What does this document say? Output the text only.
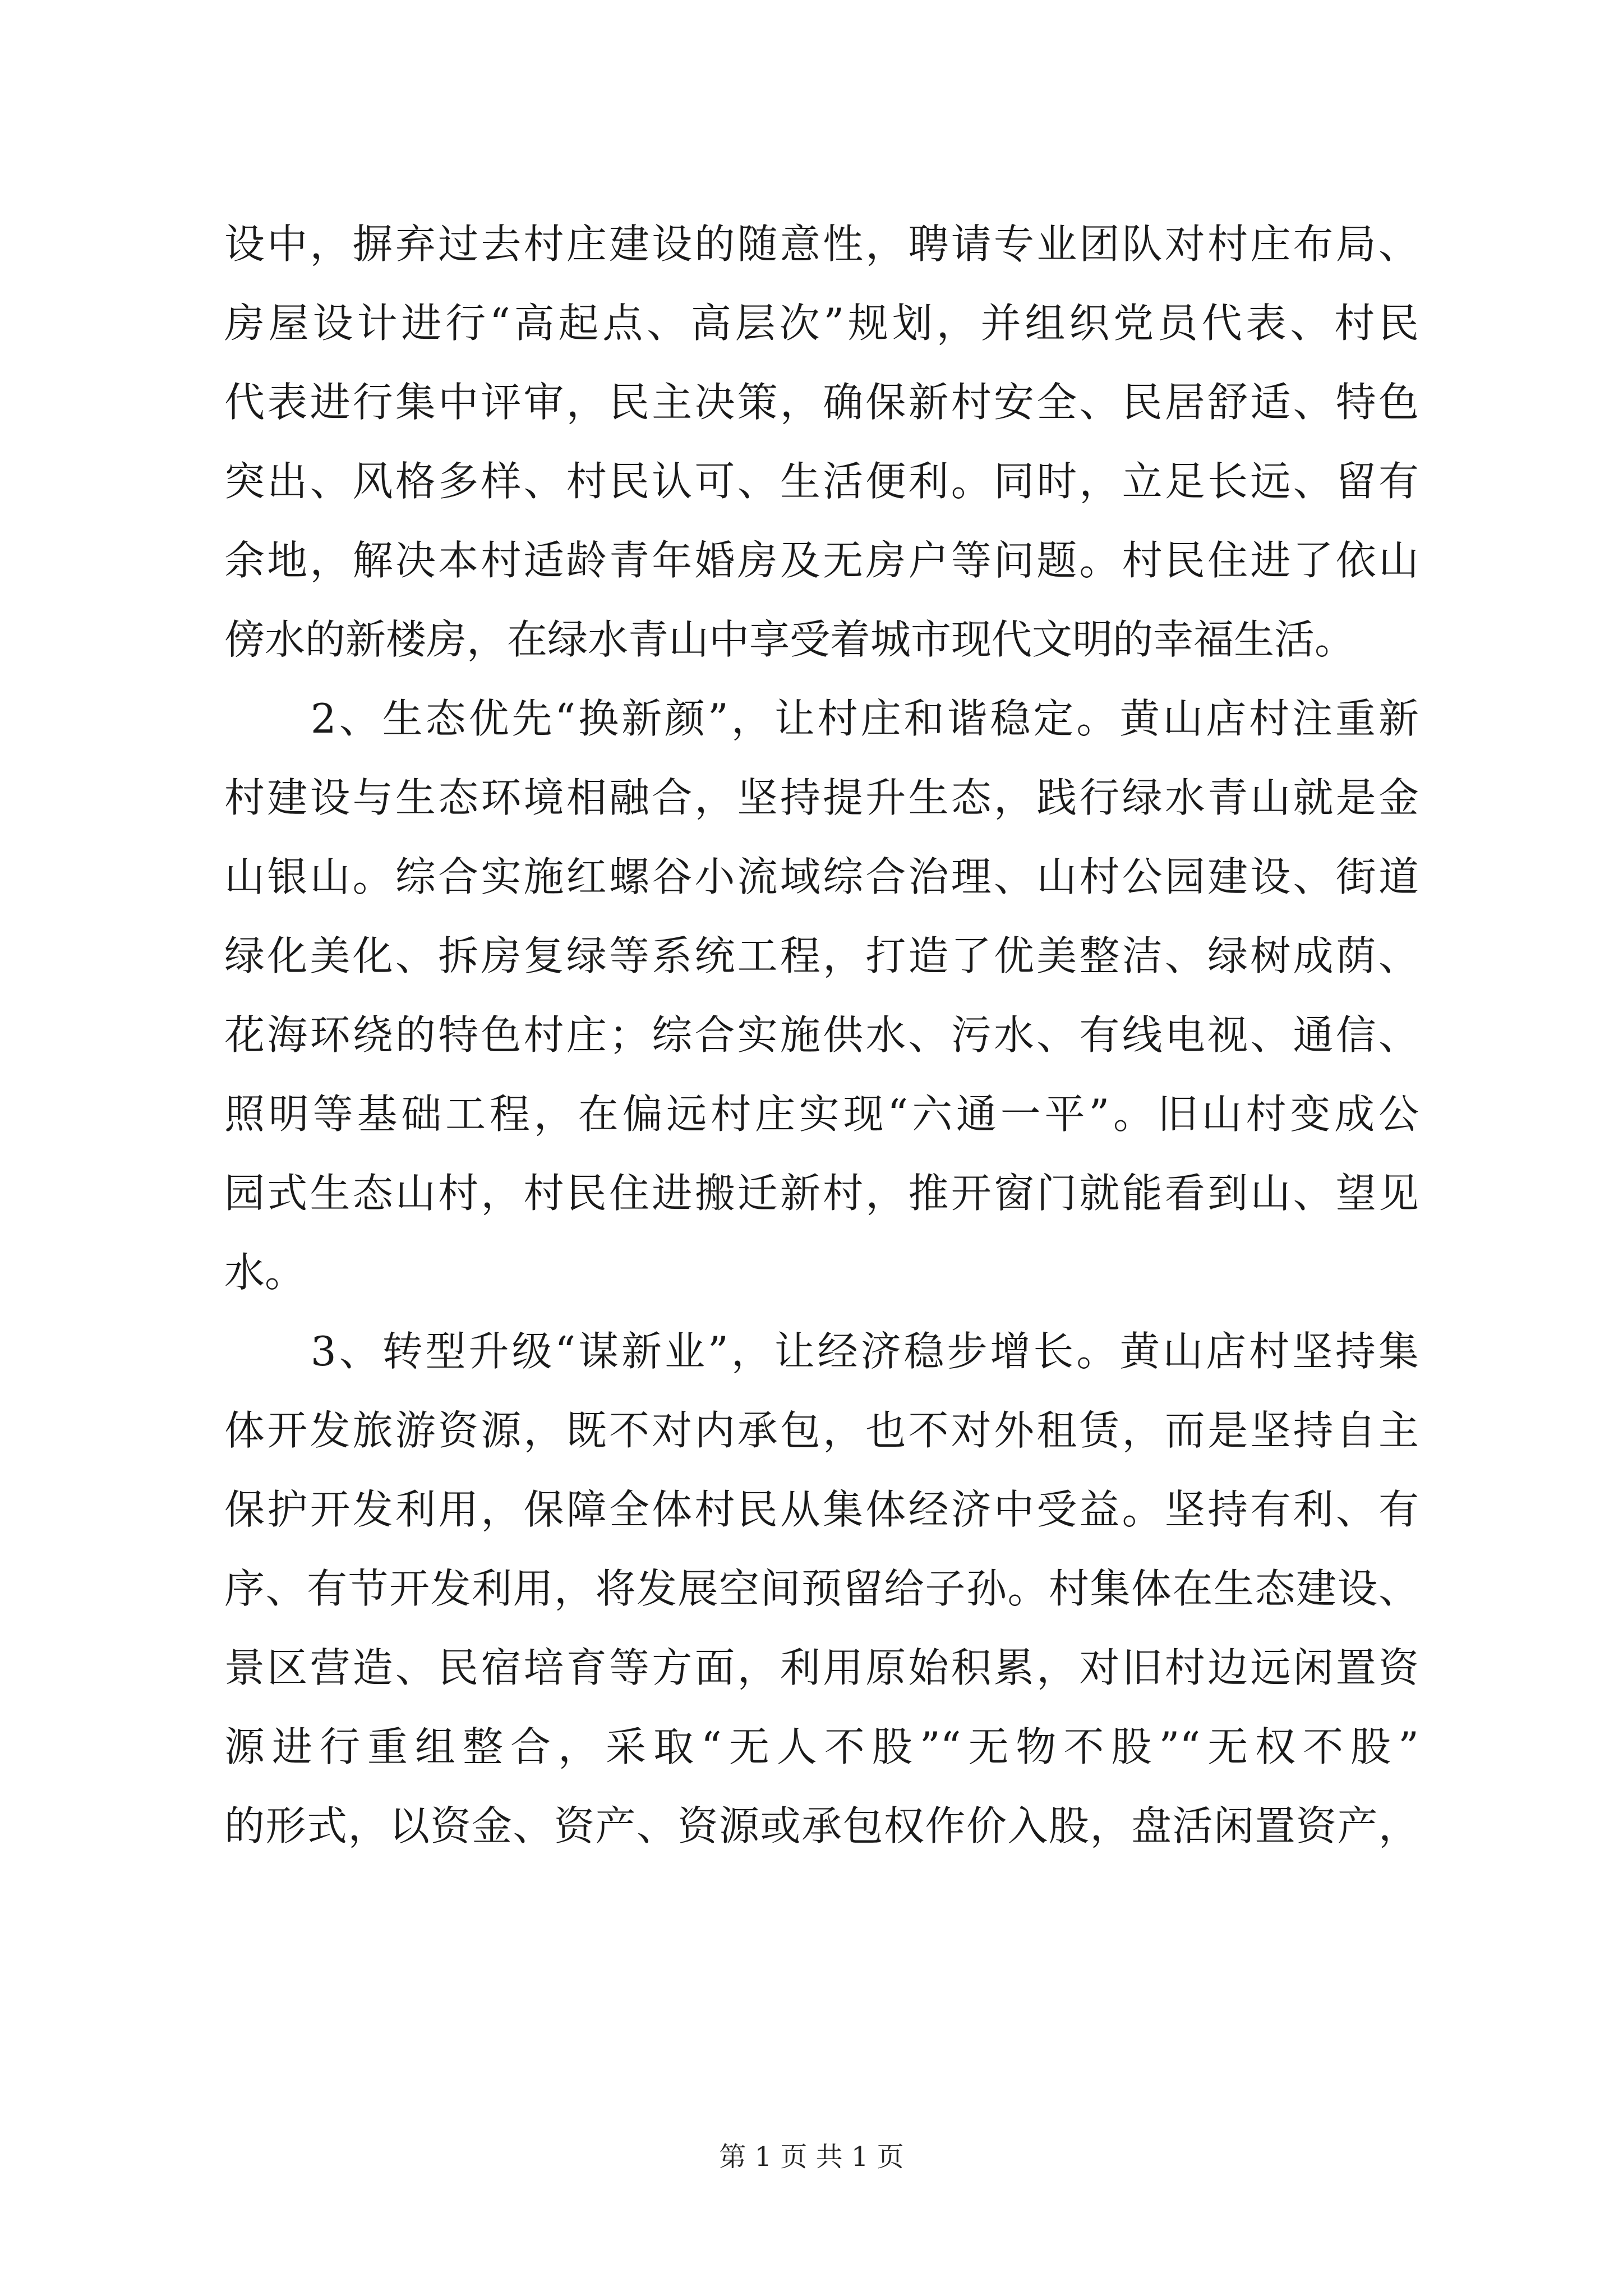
设中，摒弃过去村庄建设的随意性，聘请专业团队对村庄布局、
房屋设计进行“高起点、高层次”规划，并组织党员代表、村民
代表进行集中评审，民主决策，确保新村安全、民居舒适、特色
突出、风格多样、村民认可、生活便利。同时，立足长远、留有
余地，解决本村适龄青年婚房及无房户等问题。村民住进了依山
傍水的新楼房，在绿水青山中享受着城市现代文明的幸福生活。
　　2、生态优先“换新颜”，让村庄和谐稳定。黄山店村注重新
村建设与生态环境相融合，坚持提升生态，践行绿水青山就是金
山银山。综合实施红螺谷小流域综合治理、山村公园建设、街道
绿化美化、拆房复绿等系统工程，打造了优美整洁、绿树成荫、
花海环绕的特色村庄；综合实施供水、污水、有线电视、通信、
照明等基础工程，在偏远村庄实现“六通一平”。旧山村变成公
园式生态山村，村民住进搬迁新村，推开窗门就能看到山、望见
水。
　　3、转型升级“谋新业”，让经济稳步增长。黄山店村坚持集
体开发旅游资源，既不对内承包，也不对外租赁，而是坚持自主
保护开发利用，保障全体村民从集体经济中受益。坚持有利、有
序、有节开发利用，将发展空间预留给子孙。村集体在生态建设、
景区营造、民宿培育等方面，利用原始积累，对旧村边远闲置资
源进行重组整合，采取“无人不股”“无物不股”“无权不股”
的形式，以资金、资产、资源或承包权作价入股，盘活闲置资产，
第 1 页 共 1 页
